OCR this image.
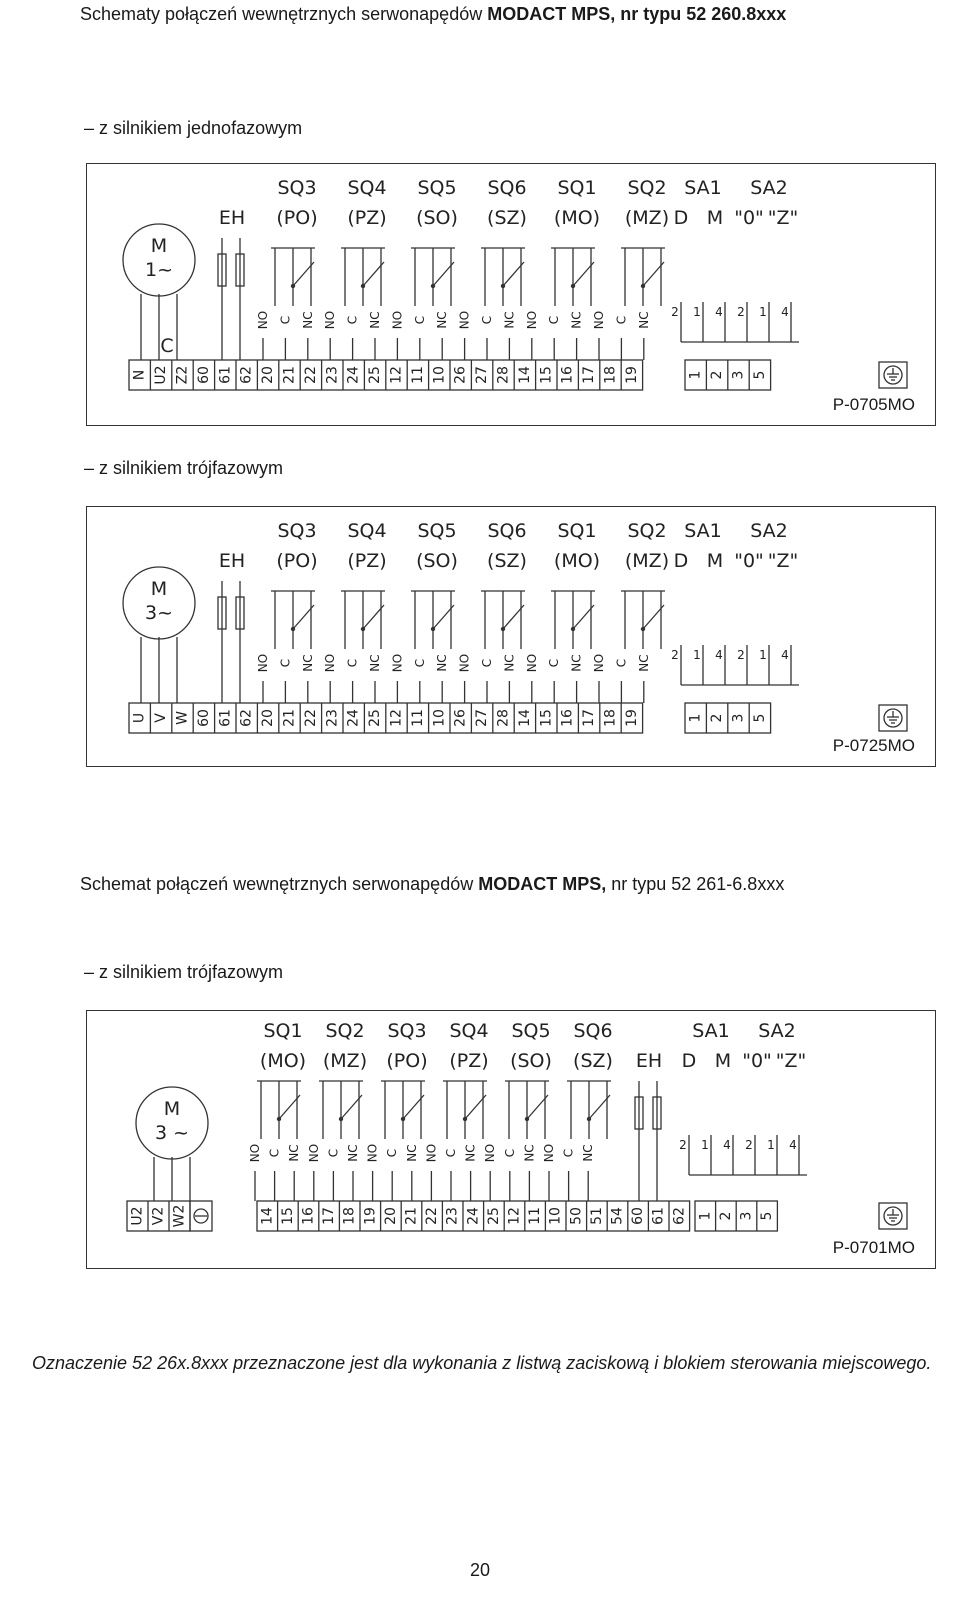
Schematy połączeń wewnętrznych serwonapędów MODACT MPS, nr typu 52 260.8xxx
– z silnikiem jednofazowym
SQ3
(PO)
SQ4
(PZ)
SQ5
(SO)
SQ6
(SZ)
SQ1
(MO)
SQ2
(MZ)
EH
SA1 SA2
D M "0" "Z"
2 1 4 2 1 4
NO C NC NO C NC NO C NC NO C NC NO C NC NO C NC
M
1~
C
N U2 Z2 60 61 62 20 21 22 23 24 25 12 11 10 26 27 28 14 15 16 17 18 19	1 2 3 5
P-0705MO
– z silnikiem trójfazowym
SQ3
(PO)
SQ4
(PZ)
SQ5
(SO)
SQ6
(SZ)
SQ1
(MO)
SQ2
(MZ)
EH
SA1 SA2
D M "0" "Z"
2 1 4 2 1 4
NO C NC NO C NC NO C NC NO C NC NO C NC NO C NC
M
3~
U V W 60 61 62 20 21 22 23 24 25 12 11 10 26 27 28 14 15 16 17 18 19	1 2 3 5
P-0725MO
Schemat połączeń wewnętrznych serwonapędów MODACT MPS, nr typu 52 261-6.8xxx
– z silnikiem trójfazowym
SQ1
(MO)
SQ2
(MZ)
SQ3
(PO)
SQ4
(PZ)
SQ5
(SO)
SQ6
(SZ) EH
SA1 SA2
D M "0" "Z"
2 1 4 2 1 4
NO C NC NO C NC NO C NC NO C NC NO C NC NO C NC
M
3 ~
U2 V2 W2	14 15 16 17 18 19 20 21 22 23 24 25 12 11 10 50 51 54 60 61 62 1 2 3 5
P-0701MO
Oznaczenie 52 26x.8xxx przeznaczone jest dla wykonania z listwą zaciskową i blokiem sterowania miejscowego.
20
